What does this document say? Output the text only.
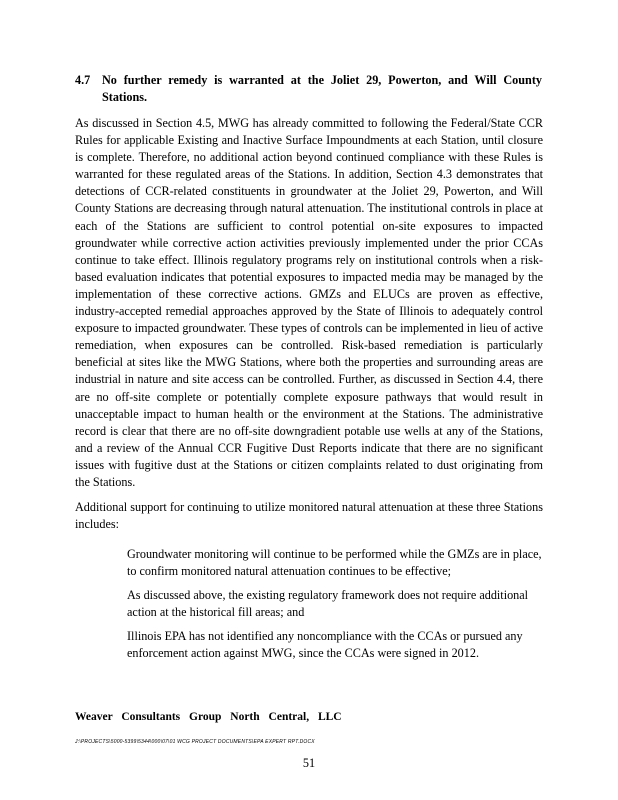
4.7 No further remedy is warranted at the Joliet 29, Powerton, and Will County Stations.

As discussed in Section 4.5, MWG has already committed to following the Federal/State CCR Rules for applicable Existing and Inactive Surface Impoundments at each Station, until closure is complete. Therefore, no additional action beyond continued compliance with these Rules is warranted for these regulated areas of the Stations. In addition, Section 4.3 demonstrates that detections of CCR-related constituents in groundwater at the Joliet 29, Powerton, and Will County Stations are decreasing through natural attenuation. The institutional controls in place at each of the Stations are sufficient to control potential on-site exposures to impacted groundwater while corrective action activities previously implemented under the prior CCAs continue to take effect. Illinois regulatory programs rely on institutional controls when a risk-based evaluation indicates that potential exposures to impacted media may be managed by the implementation of these corrective actions. GMZs and ELUCs are proven as effective, industry-accepted remedial approaches approved by the State of Illinois to adequately control exposure to impacted groundwater. These types of controls can be implemented in lieu of active remediation, when exposures can be controlled. Risk-based remediation is particularly beneficial at sites like the MWG Stations, where both the properties and surrounding areas are industrial in nature and site access can be controlled. Further, as discussed in Section 4.4, there are no off-site complete or potentially complete exposure pathways that would result in unacceptable impact to human health or the environment at the Stations. The administrative record is clear that there are no off-site downgradient potable use wells at any of the Stations, and a review of the Annual CCR Fugitive Dust Reports indicate that there are no significant issues with fugitive dust at the Stations or citizen complaints related to dust originating from the Stations.

Additional support for continuing to utilize monitored natural attenuation at these three Stations includes:

Groundwater monitoring will continue to be performed while the GMZs are in place, to confirm monitored natural attenuation continues to be effective;
As discussed above, the existing regulatory framework does not require additional action at the historical fill areas; and
Illinois EPA has not identified any noncompliance with the CCAs or pursued any enforcement action against MWG, since the CCAs were signed in 2012.
Weaver Consultants Group North Central, LLC
J:\PROJECTS\5000-5399\5344\000\07\01 WCG PROJECT DOCUMENTS\EPA EXPERT RPT.DOCX
51
